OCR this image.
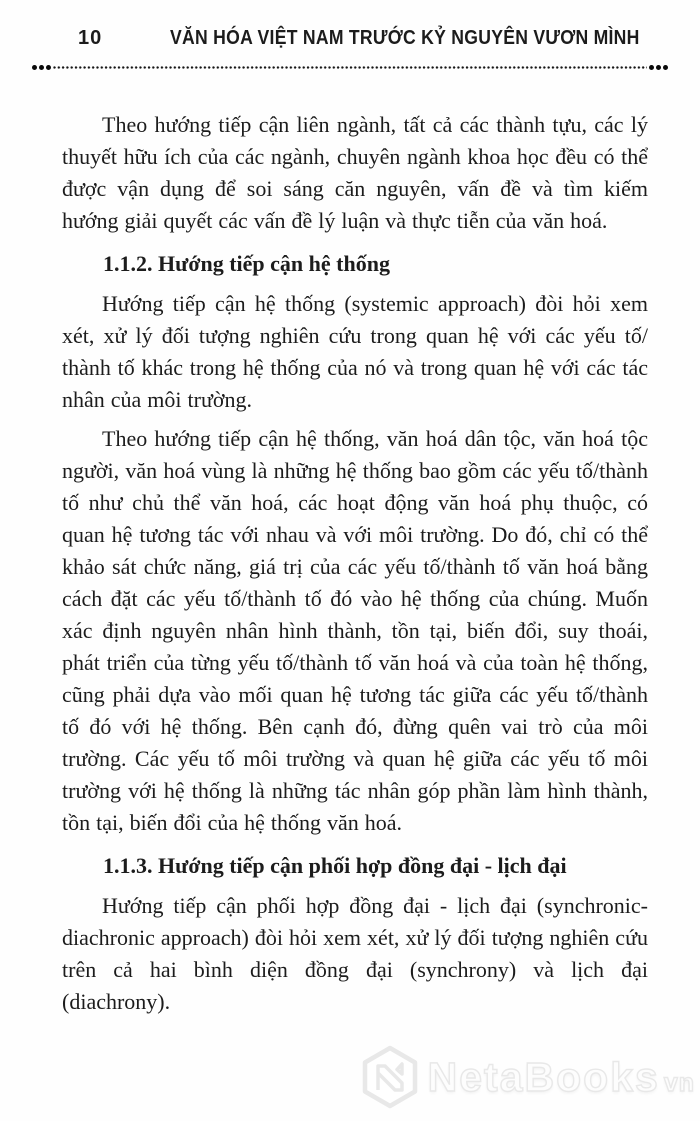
10	VĂN HÓA VIỆT NAM TRƯỚC KỶ NGUYÊN VƯƠN MÌNH

Theo hướng tiếp cận liên ngành, tất cả các thành tựu, các lý thuyết hữu ích của các ngành, chuyên ngành khoa học đều có thể được vận dụng để soi sáng căn nguyên, vấn đề và tìm kiếm hướng giải quyết các vấn đề lý luận và thực tiễn của văn hoá.

1.1.2. Hướng tiếp cận hệ thống

Hướng tiếp cận hệ thống (systemic approach) đòi hỏi xem xét, xử lý đối tượng nghiên cứu trong quan hệ với các yếu tố/ thành tố khác trong hệ thống của nó và trong quan hệ với các tác nhân của môi trường.

Theo hướng tiếp cận hệ thống, văn hoá dân tộc, văn hoá tộc người, văn hoá vùng là những hệ thống bao gồm các yếu tố/thành tố như chủ thể văn hoá, các hoạt động văn hoá phụ thuộc, có quan hệ tương tác với nhau và với môi trường. Do đó, chỉ có thể khảo sát chức năng, giá trị của các yếu tố/thành tố văn hoá bằng cách đặt các yếu tố/thành tố đó vào hệ thống của chúng. Muốn xác định nguyên nhân hình thành, tồn tại, biến đổi, suy thoái, phát triển của từng yếu tố/thành tố văn hoá và của toàn hệ thống, cũng phải dựa vào mối quan hệ tương tác giữa các yếu tố/thành tố đó với hệ thống. Bên cạnh đó, đừng quên vai trò của môi trường. Các yếu tố môi trường và quan hệ giữa các yếu tố môi trường với hệ thống là những tác nhân góp phần làm hình thành, tồn tại, biến đổi của hệ thống văn hoá.

1.1.3. Hướng tiếp cận phối hợp đồng đại - lịch đại

Hướng tiếp cận phối hợp đồng đại - lịch đại (synchronic-diachronic approach) đòi hỏi xem xét, xử lý đối tượng nghiên cứu trên cả hai bình diện đồng đại (synchrony) và lịch đại (diachrony).

NetaBooks vn
